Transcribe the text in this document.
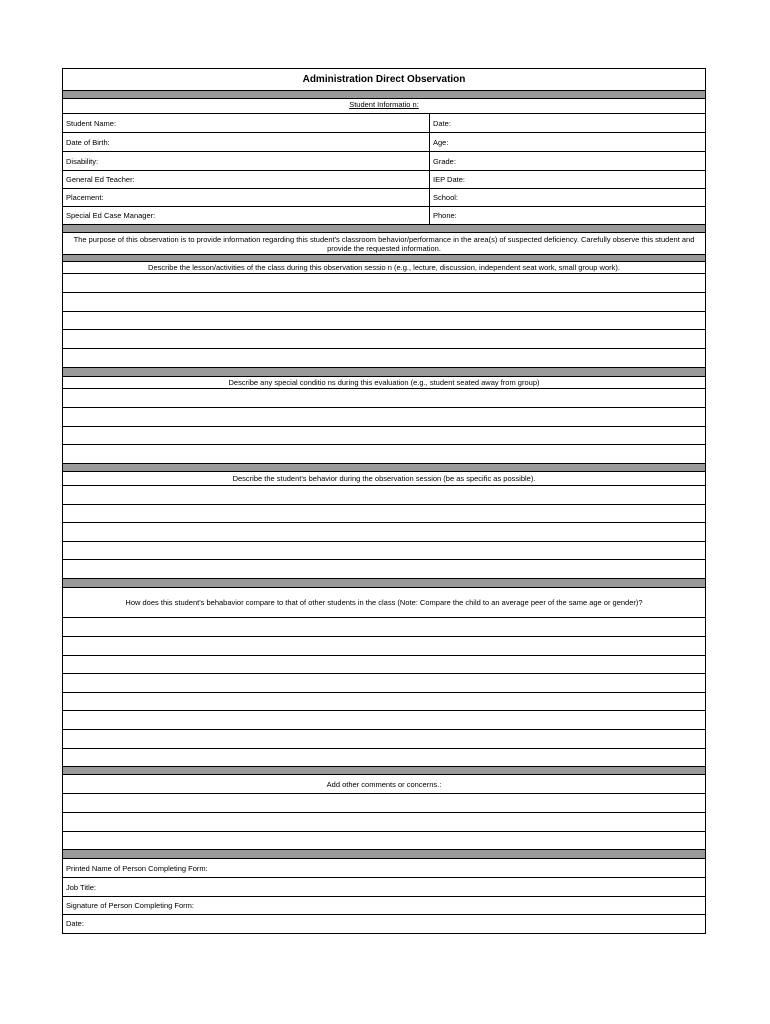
Administration Direct Observation
Student Informatio n:
Student Name:	Date:
Date of Birth:	Age:
Disability:	Grade:
General Ed Teacher:	IEP Date:
Placement:	School:
Special Ed Case Manager:	Phone:
The purpose of this observation is to provide information regarding this student's classroom behavior/performance in the area(s) of suspected deficiency. Carefully observe this student and provide the requested information.
Describe the lesson/activities of the class during this observation sessio n (e.g., lecture, discussion, independent seat work, small group work).
Describe any special conditio ns during this evaluation (e.g., student seated away from group)
Describe the student's behavior during the observation session (be as specific as possible).
How does this student's behabavior compare to that of other students in the class (Note: Compare the child to an average peer of the same age or gender)?
Add other comments or concerns.:
Printed Name of Person Completing Form:
Job Title:
Signature of Person Completing Form:
Date:
